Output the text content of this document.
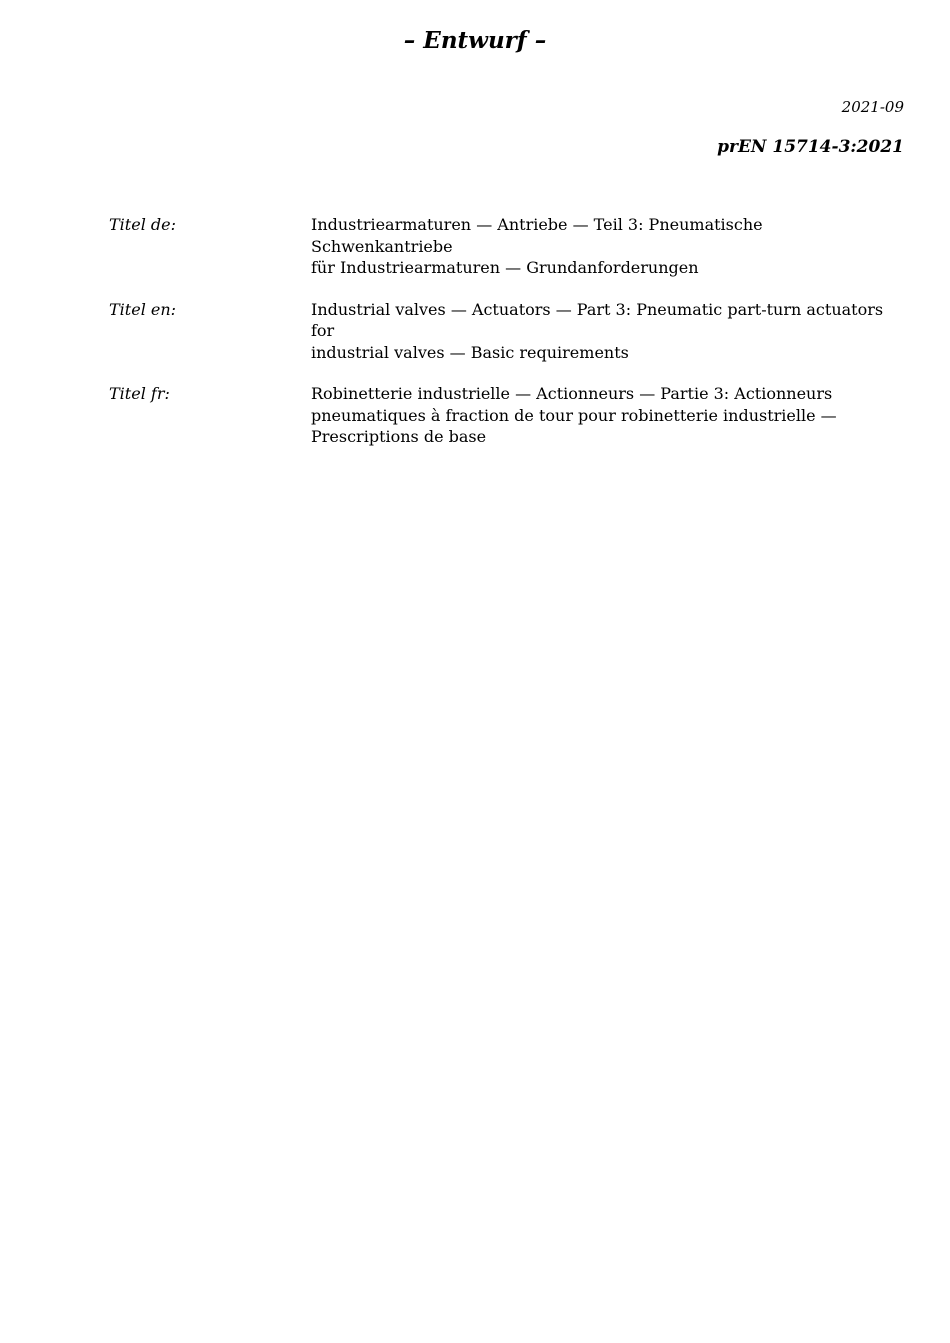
– Entwurf –
2021-09
prEN 15714-3:2021
Titel de:	Industriearmaturen — Antriebe — Teil 3: Pneumatische Schwenkantriebe
für Industriearmaturen — Grundanforderungen
Titel en:	Industrial valves — Actuators — Part 3: Pneumatic part-turn actuators for
industrial valves — Basic requirements
Titel fr:	Robinetterie industrielle — Actionneurs — Partie 3: Actionneurs
pneumatiques à fraction de tour pour robinetterie industrielle —
Prescriptions de base
